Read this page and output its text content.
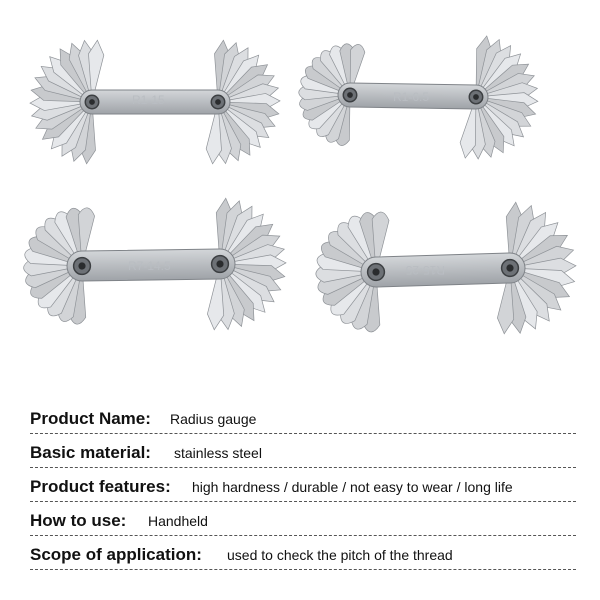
R1-15	R1-6.5
R7-14.5	R15-25
Product Name: Radius gauge
Basic material: stainless steel
Product features: high hardness / durable / not easy to wear / long life
How to use: Handheld
Scope of application: used to check the pitch of the thread
